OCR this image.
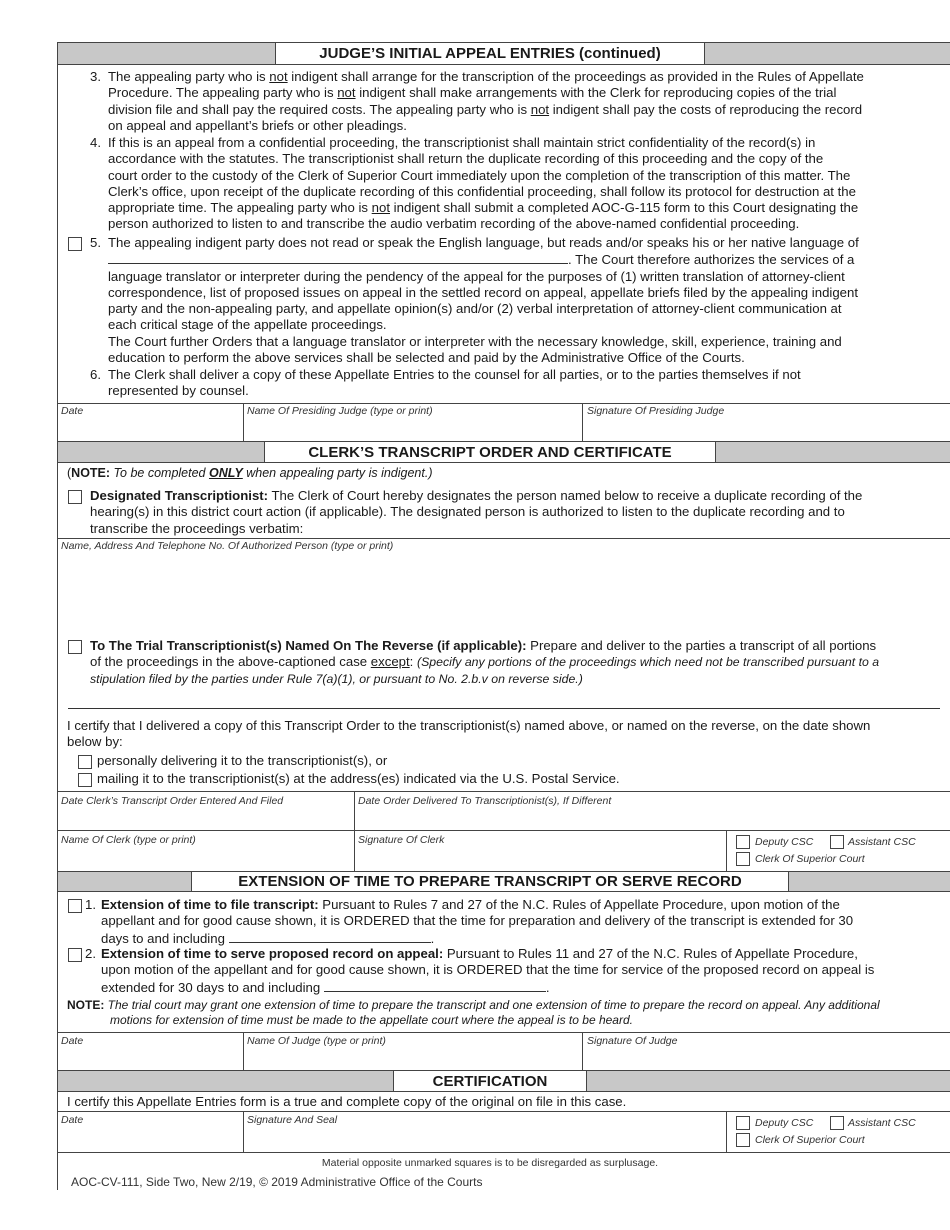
JUDGE’S INITIAL APPEAL ENTRIES (continued)
3. The appealing party who is not indigent shall arrange for the transcription of the proceedings as provided in the Rules of Appellate
Procedure. The appealing party who is not indigent shall make arrangements with the Clerk for reproducing copies of the trial
division file and shall pay the required costs. The appealing party who is not indigent shall pay the costs of reproducing the record
on appeal and appellant’s briefs or other pleadings.
4. If this is an appeal from a confidential proceeding, the transcriptionist shall maintain strict confidentiality of the record(s) in
accordance with the statutes. The transcriptionist shall return the duplicate recording of this proceeding and the copy of the
court order to the custody of the Clerk of Superior Court immediately upon the completion of the transcription of this matter. The
Clerk’s office, upon receipt of the duplicate recording of this confidential proceeding, shall follow its protocol for destruction at the
appropriate time. The appealing party who is not indigent shall submit a completed AOC-G-115 form to this Court designating the
person authorized to listen to and transcribe the audio verbatim recording of the above-named confidential proceeding.
5. The appealing indigent party does not read or speak the English language, but reads and/or speaks his or her native language of
. The Court therefore authorizes the services of a
language translator or interpreter during the pendency of the appeal for the purposes of (1) written translation of attorney-client
correspondence, list of proposed issues on appeal in the settled record on appeal, appellate briefs filed by the appealing indigent
party and the non-appealing party, and appellate opinion(s) and/or (2) verbal interpretation of attorney-client communication at
each critical stage of the appellate proceedings.
The Court further Orders that a language translator or interpreter with the necessary knowledge, skill, experience, training and
education to perform the above services shall be selected and paid by the Administrative Office of the Courts.
6. The Clerk shall deliver a copy of these Appellate Entries to the counsel for all parties, or to the parties themselves if not
represented by counsel.
Date	Name Of Presiding Judge (type or print)	Signature Of Presiding Judge
CLERK’S TRANSCRIPT ORDER AND CERTIFICATE
(NOTE: To be completed ONLY when appealing party is indigent.)
Designated Transcriptionist: The Clerk of Court hereby designates the person named below to receive a duplicate recording of the
hearing(s) in this district court action (if applicable). The designated person is authorized to listen to the duplicate recording and to
transcribe the proceedings verbatim:
Name, Address And Telephone No. Of Authorized Person (type or print)
To The Trial Transcriptionist(s) Named On The Reverse (if applicable): Prepare and deliver to the parties a transcript of all portions
of the proceedings in the above-captioned case except: (Specify any portions of the proceedings which need not be transcribed pursuant to a
stipulation filed by the parties under Rule 7(a)(1), or pursuant to No. 2.b.v on reverse side.)
I certify that I delivered a copy of this Transcript Order to the transcriptionist(s) named above, or named on the reverse, on the date shown
below by:
personally delivering it to the transcriptionist(s), or
mailing it to the transcriptionist(s) at the address(es) indicated via the U.S. Postal Service.
Date Clerk’s Transcript Order Entered And Filed	Date Order Delivered To Transcriptionist(s), If Different
Name Of Clerk (type or print)	Signature Of Clerk	Deputy CSC	Assistant CSC
Clerk Of Superior Court
EXTENSION OF TIME TO PREPARE TRANSCRIPT OR SERVE RECORD
1. Extension of time to file transcript: Pursuant to Rules 7 and 27 of the N.C. Rules of Appellate Procedure, upon motion of the
appellant and for good cause shown, it is ORDERED that the time for preparation and delivery of the transcript is extended for 30
days to and including	.
2. Extension of time to serve proposed record on appeal: Pursuant to Rules 11 and 27 of the N.C. Rules of Appellate Procedure,
upon motion of the appellant and for good cause shown, it is ORDERED that the time for service of the proposed record on appeal is
extended for 30 days to and including	.
NOTE: The trial court may grant one extension of time to prepare the transcript and one extension of time to prepare the record on appeal. Any additional
motions for extension of time must be made to the appellate court where the appeal is to be heard.
Date	Name Of Judge (type or print)	Signature Of Judge
CERTIFICATION
I certify this Appellate Entries form is a true and complete copy of the original on file in this case.
Date	Signature And Seal	Deputy CSC	Assistant CSC
Clerk Of Superior Court
Material opposite unmarked squares is to be disregarded as surplusage.
AOC-CV-111, Side Two, New 2/19, © 2019 Administrative Office of the Courts
